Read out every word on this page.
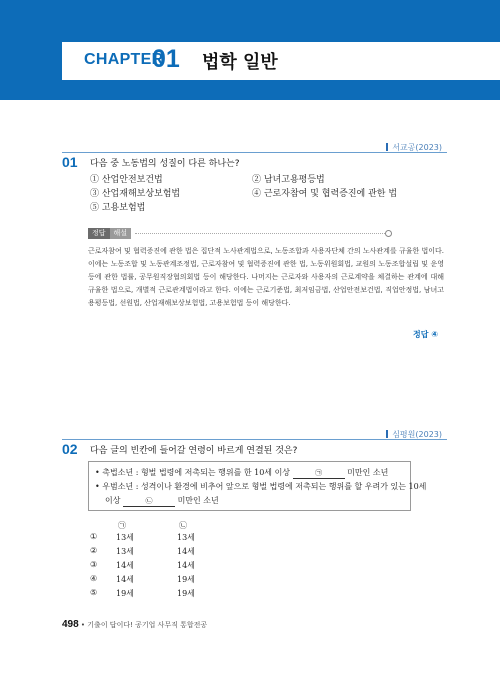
CHAPTER
01 법학 일반
서교공(2023)
01 다음 중 노동법의 성질이 다른 하나는?
① 산업안전보건법	② 남녀고용평등법
③ 산업재해보상보험법	④ 근로자참여 및 협력증진에 관한 법
⑤ 고용보험법
정답 해설
근로자참여 및 협력증진에 관한 법은 집단적 노사관계법으로, 노동조합과 사용자단체 간의 노사관계를 규율한 법이다. 이에는 노동조합 및 노동관계조정법, 근로자참여 및 협력증진에 관한 법, 노동위원회법, 교원의 노동조합설립 및 운영 등에 관한 법률, 공무원직장협의회법 등이 해당한다. 나머지는 근로자와 사용자의 근로계약을 체결하는 관계에 대해 규율한 법으로, 개별적 근로관계법이라고 한다. 이에는 근로기준법, 최저임금법, 산업안전보건법, 직업안정법, 남녀고용평등법, 선원법, 산업재해보상보험법, 고용보험법 등이 해당한다.
정답 ④
심평원(2023)
02 다음 글의 빈칸에 들어갈 연령이 바르게 연결된 것은?
• 촉법소년 : 형벌 법령에 저촉되는 행위를 한 10세 이상	㉠	미만인 소년
• 우범소년 : 성격이나 환경에 비추어 앞으로 형벌 법령에 저촉되는 행위를 할 우려가 있는 10세
이상	㉡	미만인 소년
㉠	㉡
① 13세	13세
② 13세	14세
③ 14세	14세
④ 14세	19세
⑤ 19세	19세
498 • 기출이 답이다! 공기업 사무직 통합전공
